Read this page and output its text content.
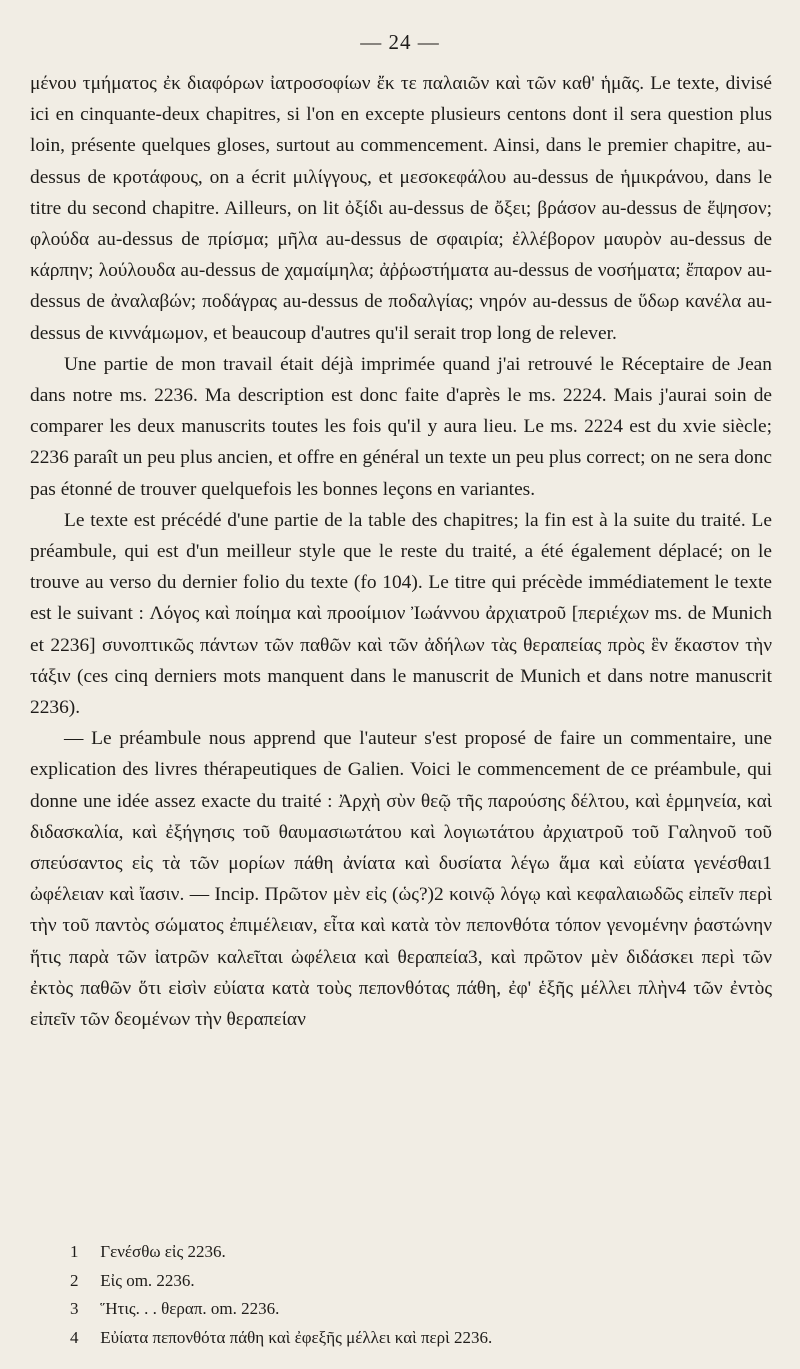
— 24 —

μένου τμήματος ἐκ διαφόρων ἰατροσοφίων ἔκ τε παλαιῶν καὶ τῶν καθ' ἡμᾶς. Le texte, divisé ici en cinquante-deux chapitres, si l'on en excepte plusieurs centons dont il sera question plus loin, présente quelques gloses, surtout au commencement. Ainsi, dans le premier chapitre, au-dessus de κροτάφους, on a écrit μιλίγγους, et μεσοκεφάλου au-dessus de ἡμικράνου, dans le titre du second chapitre. Ailleurs, on lit ὀξίδι au-dessus de ὄξει; βράσον au-dessus de ἕψησον; φλούδα au-dessus de πρίσμα; μῆλα au-dessus de σφαιρία; ἐλλέβορον μαυρὸν au-dessus de κάρπην; λούλουδα au-dessus de χαμαίμηλα; ἀῤῥωστήματα au-dessus de νοσήματα; ἔπαρον au-dessus de ἀναλαβών; ποδάγρας au-dessus de ποδαλγίας; νηρόν au-dessus de ὕδωρ κανέλα au-dessus de κιννάμωμον, et beaucoup d'autres qu'il serait trop long de relever.

Une partie de mon travail était déjà imprimée quand j'ai retrouvé le Réceptaire de Jean dans notre ms. 2236. Ma description est donc faite d'après le ms. 2224. Mais j'aurai soin de comparer les deux manuscrits toutes les fois qu'il y aura lieu. Le ms. 2224 est du xvie siècle; 2236 paraît un peu plus ancien, et offre en général un texte un peu plus correct; on ne sera donc pas étonné de trouver quelquefois les bonnes leçons en variantes.

Le texte est précédé d'une partie de la table des chapitres; la fin est à la suite du traité. Le préambule, qui est d'un meilleur style que le reste du traité, a été également déplacé; on le trouve au verso du dernier folio du texte (fo 104). Le titre qui précède immédiatement le texte est le suivant : Λόγος καὶ ποίημα καὶ προοίμιον Ἰωάννου ἀρχιατροῦ [περιέχων ms. de Munich et 2236] συνοπτικῶς πάντων τῶν παθῶν καὶ τῶν ἀδήλων τὰς θεραπείας πρὸς ἓν ἕκαστον τὴν τάξιν (ces cinq derniers mots manquent dans le manuscrit de Munich et dans notre manuscrit 2236).

— Le préambule nous apprend que l'auteur s'est proposé de faire un commentaire, une explication des livres thérapeutiques de Galien. Voici le commencement de ce préambule, qui donne une idée assez exacte du traité : Ἀρχὴ σὺν θεῷ τῆς παρούσης δέλτου, καὶ ἑρμηνεία, καὶ διδασκαλία, καὶ ἐξήγησις τοῦ θαυμασιωτάτου καὶ λογιωτάτου ἀρχιατροῦ τοῦ Γαληνοῦ τοῦ σπεύσαντος εἰς τὰ τῶν μορίων πάθη ἀνίατα καὶ δυσίατα λέγω ἅμα καὶ εὐίατα γενέσθαι1 ὠφέλειαν καὶ ἴασιν. — Incip. Πρῶτον μὲν εἰς (ὡς?)2 κοινῷ λόγῳ καὶ κεφαλαιωδῶς εἰπεῖν περὶ τὴν τοῦ παντὸς σώματος ἐπιμέλειαν, εἶτα καὶ κατὰ τὸν πεπονθότα τόπον γενομένην ῥαστώνην ἥτις παρὰ τῶν ἰατρῶν καλεῖται ὠφέλεια καὶ θεραπεία3, καὶ πρῶτον μὲν διδάσκει περὶ τῶν ἐκτὸς παθῶν ὅτι εἰσὶν εὐίατα κατὰ τοὺς πεπονθότας πάθη, ἐφ' ἑξῆς μέλλει πλὴν4 τῶν ἐντὸς εἰπεῖν τῶν δεομένων τὴν θεραπείαν

1 Γενέσθω εἰς 2236.
2 Εἰς om. 2236.
3 Ἥτις. . . θεραπ. om. 2236.
4 Εὐίατα πεπονθότα πάθη καὶ ἐφεξῆς μέλλει καὶ περὶ 2236.
